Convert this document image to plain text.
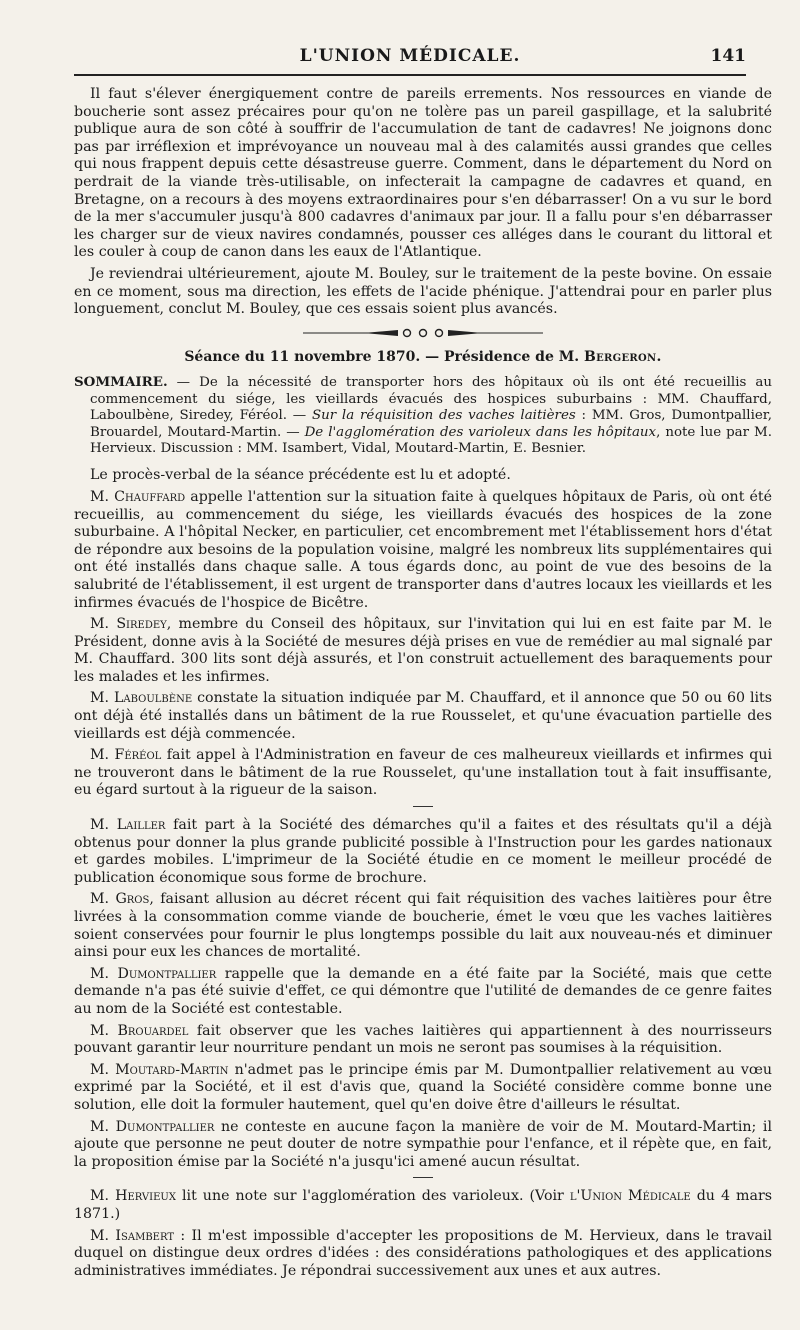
L'UNION MÉDICALE.	141

Il faut s'élever énergiquement contre de pareils errements. Nos ressources en viande de boucherie sont assez précaires pour qu'on ne tolère pas un pareil gaspillage, et la salubrité publique aura de son côté à souffrir de l'accumulation de tant de cadavres! Ne joignons donc pas par irréflexion et imprévoyance un nouveau mal à des calamités aussi grandes que celles qui nous frappent depuis cette désastreuse guerre. Comment, dans le département du Nord on perdrait de la viande très-utilisable, on infecterait la campagne de cadavres et quand, en Bretagne, on a recours à des moyens extraordinaires pour s'en débarrasser! On a vu sur le bord de la mer s'accumuler jusqu'à 800 cadavres d'animaux par jour. Il a fallu pour s'en débarrasser les charger sur de vieux navires condamnés, pousser ces alléges dans le courant du littoral et les couler à coup de canon dans les eaux de l'Atlantique.

Je reviendrai ultérieurement, ajoute M. Bouley, sur le traitement de la peste bovine. On essaie en ce moment, sous ma direction, les effets de l'acide phénique. J'attendrai pour en parler plus longuement, conclut M. Bouley, que ces essais soient plus avancés.

Séance du 11 novembre 1870. — Présidence de M. Bergeron.
SOMMAIRE. — De la nécessité de transporter hors des hôpitaux où ils ont été recueillis au commencement du siége, les vieillards évacués des hospices suburbains : MM. Chauffard, Laboulbène, Siredey, Féréol. — Sur la réquisition des vaches laitières : MM. Gros, Dumontpallier, Brouardel, Moutard-Martin. — De l'agglomération des varioleux dans les hôpitaux, note lue par M. Hervieux. Discussion : MM. Isambert, Vidal, Moutard-Martin, E. Besnier.

Le procès-verbal de la séance précédente est lu et adopté.

M. Chauffard appelle l'attention sur la situation faite à quelques hôpitaux de Paris, où ont été recueillis, au commencement du siége, les vieillards évacués des hospices de la zone suburbaine. A l'hôpital Necker, en particulier, cet encombrement met l'établissement hors d'état de répondre aux besoins de la population voisine, malgré les nombreux lits supplémentaires qui ont été installés dans chaque salle. A tous égards donc, au point de vue des besoins de la salubrité de l'établissement, il est urgent de transporter dans d'autres locaux les vieillards et les infirmes évacués de l'hospice de Bicêtre.

M. Siredey, membre du Conseil des hôpitaux, sur l'invitation qui lui en est faite par M. le Président, donne avis à la Société de mesures déjà prises en vue de remédier au mal signalé par M. Chauffard. 300 lits sont déjà assurés, et l'on construit actuellement des baraquements pour les malades et les infirmes.

M. Laboulbène constate la situation indiquée par M. Chauffard, et il annonce que 50 ou 60 lits ont déjà été installés dans un bâtiment de la rue Rousselet, et qu'une évacuation partielle des vieillards est déjà commencée.

M. Féréol fait appel à l'Administration en faveur de ces malheureux vieillards et infirmes qui ne trouveront dans le bâtiment de la rue Rousselet, qu'une installation tout à fait insuffisante, eu égard surtout à la rigueur de la saison.

M. Lailler fait part à la Société des démarches qu'il a faites et des résultats qu'il a déjà obtenus pour donner la plus grande publicité possible à l'Instruction pour les gardes nationaux et gardes mobiles. L'imprimeur de la Société étudie en ce moment le meilleur procédé de publication économique sous forme de brochure.

M. Gros, faisant allusion au décret récent qui fait réquisition des vaches laitières pour être livrées à la consommation comme viande de boucherie, émet le vœu que les vaches laitières soient conservées pour fournir le plus longtemps possible du lait aux nouveau-nés et diminuer ainsi pour eux les chances de mortalité.

M. Dumontpallier rappelle que la demande en a été faite par la Société, mais que cette demande n'a pas été suivie d'effet, ce qui démontre que l'utilité de demandes de ce genre faites au nom de la Société est contestable.

M. Brouardel fait observer que les vaches laitières qui appartiennent à des nourrisseurs pouvant garantir leur nourriture pendant un mois ne seront pas soumises à la réquisition.

M. Moutard-Martin n'admet pas le principe émis par M. Dumontpallier relativement au vœu exprimé par la Société, et il est d'avis que, quand la Société considère comme bonne une solution, elle doit la formuler hautement, quel qu'en doive être d'ailleurs le résultat.

M. Dumontpallier ne conteste en aucune façon la manière de voir de M. Moutard-Martin; il ajoute que personne ne peut douter de notre sympathie pour l'enfance, et il répète que, en fait, la proposition émise par la Société n'a jusqu'ici amené aucun résultat.

M. Hervieux lit une note sur l'agglomération des varioleux. (Voir l'Union Médicale du 4 mars 1871.)

M. Isambert : Il m'est impossible d'accepter les propositions de M. Hervieux, dans le travail duquel on distingue deux ordres d'idées : des considérations pathologiques et des applications administratives immédiates. Je répondrai successivement aux unes et aux autres.
